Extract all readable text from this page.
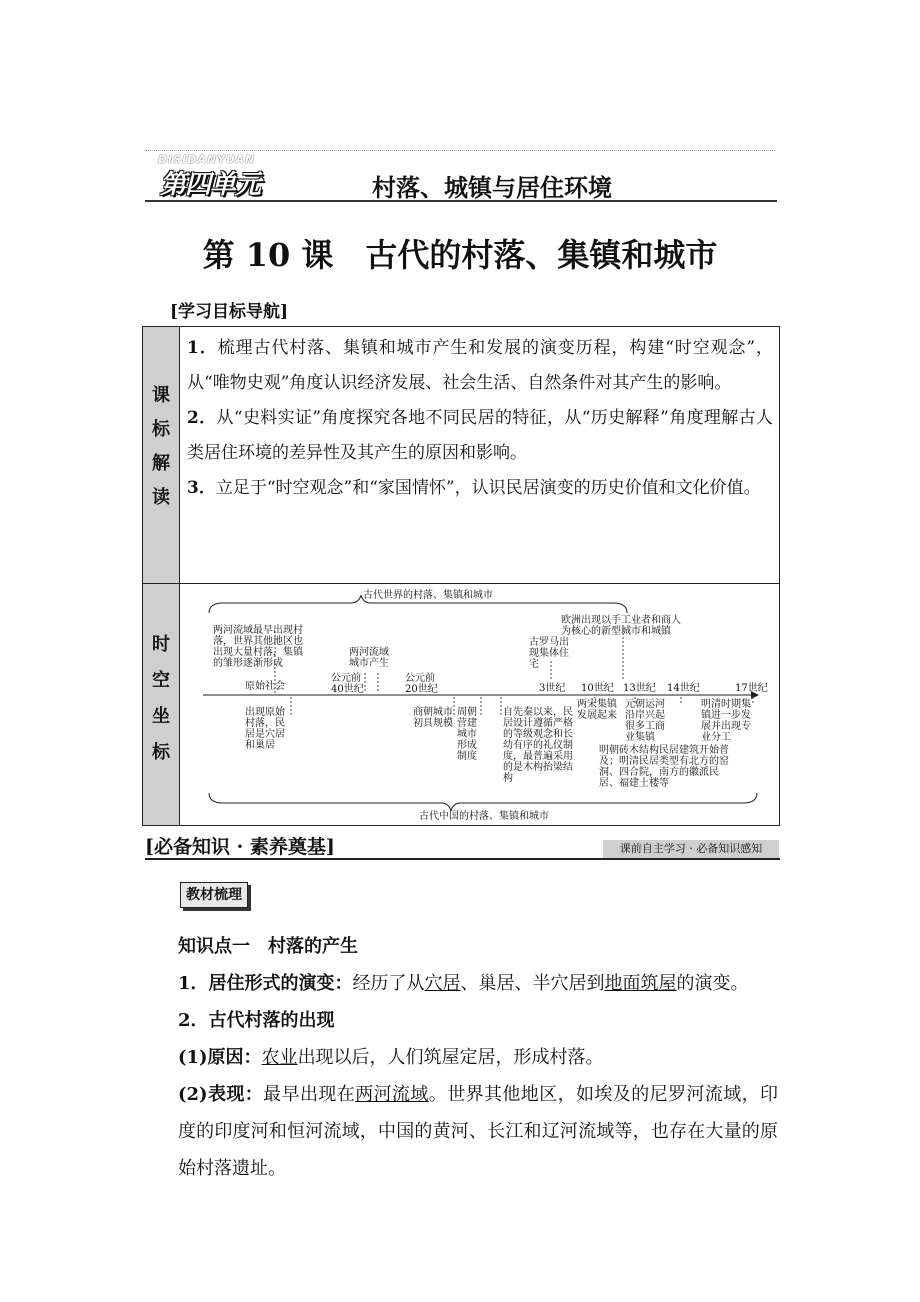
DISIDANYUAN
第四单元	村落、城镇与居住环境
第 10 课　古代的村落、集镇和城市
[学习目标导航]
课
标
解
读
时
空
坐
标

1．梳理古代村落、集镇和城市产生和发展的演变历程，构建“时空观念”，从“唯物史观”角度认识经济发展、社会生活、自然条件对其产生的影响。

2．从“史料实证”角度探究各地不同民居的特征，从“历史解释”角度理解古人类居住环境的差异性及其产生的原因和影响。

3．立足于“时空观念”和“家国情怀”，认识民居演变的历史价值和文化价值。

古代世界的村落、集镇和城市
两河流域最早出现村落，世界其他地区也出现大量村落，集镇的雏形逐渐形成
两河流域城市产生
古罗马出现集体住宅
欧洲出现以手工业者和商人为核心的新型城市和城镇
原始社会
公元前40世纪
公元前20世纪	3世纪 10世纪 13世纪 14世纪	17世纪
出现原始村落，民居是穴居和巢居
商朝城市初具规模
周朝营建城市形成制度
自先秦以来，民居设计遵循严格的等级观念和长幼有序的礼仪制度，最普遍采用的是木构抬梁结构
两宋集镇发展起来
元朝运河沿岸兴起很多工商业集镇
明清时期集镇进一步发展并出现专业分工
明朝砖木结构民居建筑开始普及；明清民居类型有北方的窑洞、四合院，南方的徽派民居、福建土楼等
古代中国的村落、集镇和城市
[必备知识 · 素养奠基]	课前自主学习 · 必备知识感知
教材梳理

知识点一　村落的产生

1．居住形式的演变：经历了从穴居、巢居、半穴居到地面筑屋的演变。

2．古代村落的出现

(1)原因：农业出现以后，人们筑屋定居，形成村落。

(2)表现：最早出现在两河流域。世界其他地区，如埃及的尼罗河流域，印度的印度河和恒河流域，中国的黄河、长江和辽河流域等，也存在大量的原始村落遗址。
